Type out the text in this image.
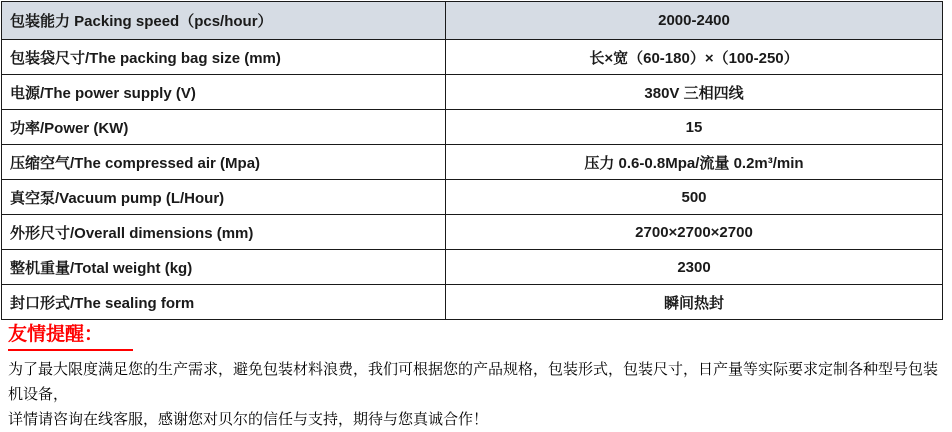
包装能力 Packing speed（pcs/hour）	2000-2400
包装袋尺寸/The packing bag size (mm)	长×宽（60-180）×（100-250）
电源/The power supply (V)	380V 三相四线
功率/Power (KW)	15
压缩空气/The compressed air (Mpa)	压力 0.6-0.8Mpa/流量 0.2m³/min
真空泵/Vacuum pump (L/Hour)	500
外形尺寸/Overall dimensions (mm)	2700×2700×2700
整机重量/Total weight (kg)	2300
封口形式/The sealing form	瞬间热封
友情提醒：
为了最大限度满足您的生产需求，避免包装材料浪费，我们可根据您的产品规格，包装形式，包装尺寸，日产量等实际要求定制各种型号包装机设备，
详情请咨询在线客服，感谢您对贝尔的信任与支持，期待与您真诚合作！
